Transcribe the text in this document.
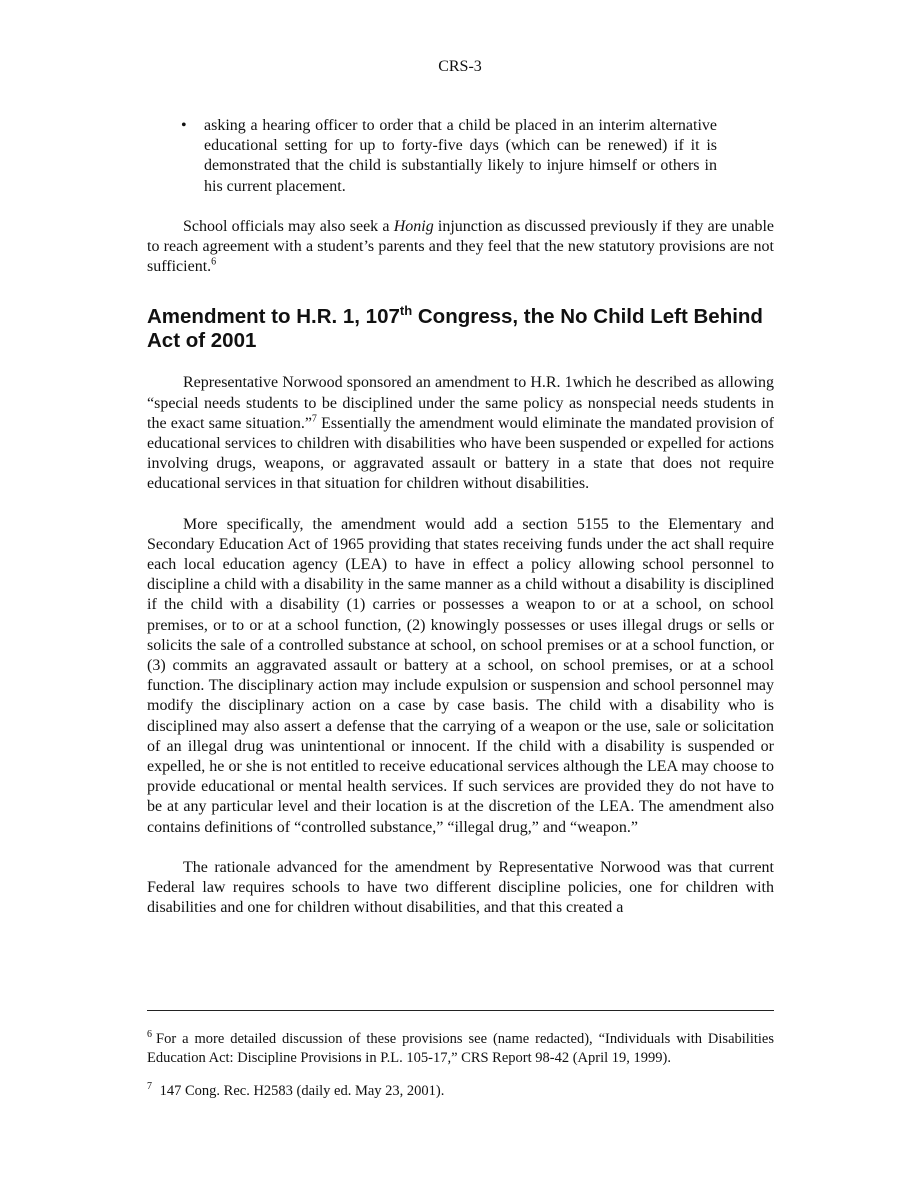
CRS-3
• asking a hearing officer to order that a child be placed in an interim alternative educational setting for up to forty-five days (which can be renewed) if it is demonstrated that the child is substantially likely to injure himself or others in his current placement.

School officials may also seek a Honig injunction as discussed previously if they are unable to reach agreement with a student’s parents and they feel that the new statutory provisions are not sufficient.$^6$

Amendment to H.R. 1, 107th Congress, the No Child Left Behind Act of 2001

Representative Norwood sponsored an amendment to H.R. 1which he described as allowing “special needs students to be disciplined under the same policy as nonspecial needs students in the exact same situation.”$^7$ Essentially the amendment would eliminate the mandated provision of educational services to children with disabilities who have been suspended or expelled for actions involving drugs, weapons, or aggravated assault or battery in a state that does not require educational services in that situation for children without disabilities.

More specifically, the amendment would add a section 5155 to the Elementary and Secondary Education Act of 1965 providing that states receiving funds under the act shall require each local education agency (LEA) to have in effect a policy allowing school personnel to discipline a child with a disability in the same manner as a child without a disability is disciplined if the child with a disability (1) carries or possesses a weapon to or at a school, on school premises, or to or at a school function, (2) knowingly possesses or uses illegal drugs or sells or solicits the sale of a controlled substance at school, on school premises or at a school function, or (3) commits an aggravated assault or battery at a school, on school premises, or at a school function. The disciplinary action may include expulsion or suspension and school personnel may modify the disciplinary action on a case by case basis. The child with a disability who is disciplined may also assert a defense that the carrying of a weapon or the use, sale or solicitation of an illegal drug was unintentional or innocent. If the child with a disability is suspended or expelled, he or she is not entitled to receive educational services although the LEA may choose to provide educational or mental health services. If such services are provided they do not have to be at any particular level and their location is at the discretion of the LEA. The amendment also contains definitions of “controlled substance,” “illegal drug,” and “weapon.”

The rationale advanced for the amendment by Representative Norwood was that current Federal law requires schools to have two different discipline policies, one for children with disabilities and one for children without disabilities, and that this created a

$^6$ For a more detailed discussion of these provisions see (name redacted), “Individuals with Disabilities Education Act: Discipline Provisions in P.L. 105-17,” CRS Report 98-42 (April 19, 1999).
$^7$ 147 Cong. Rec. H2583 (daily ed. May 23, 2001).
